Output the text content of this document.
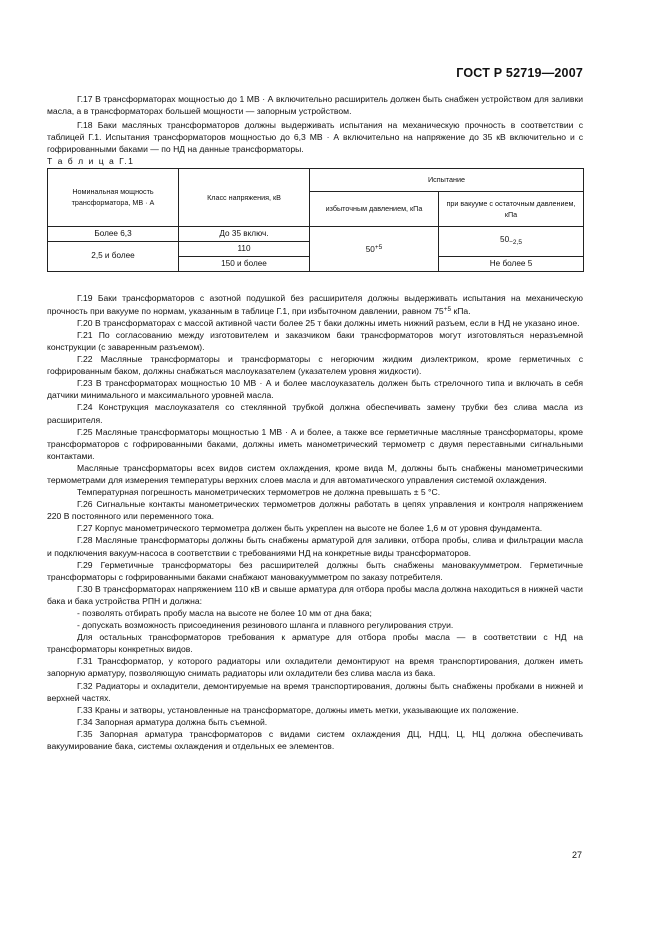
ГОСТ Р 52719—2007

Г.17 В трансформаторах мощностью до 1 МВ · А включительно расширитель должен быть снабжен устройством для заливки масла, а в трансформаторах большей мощности — запорным устройством.

Г.18 Баки масляных трансформаторов должны выдерживать испытания на механическую прочность в соответствии с таблицей Г.1. Испытания трансформаторов мощностью до 6,3 МВ · А включительно на напряжение до 35 кВ включительно и с гофрированными баками — по НД на данные трансформаторы.

Т а б л и ц а Г.1

Номинальная мощность трансформатора, МВ · А	Класс напряжения, кВ	Испытание	
		избыточным давлением, кПа	при вакууме с остаточным давлением, кПа
Более 6,3	До 35 включ.	$50^{+5}$	$50_{-2,5}$
2,5 и более	110		
	150 и более		Не более 5

Г.19 Баки трансформаторов с азотной подушкой без расширителя должны выдерживать испытания на механическую прочность при вакууме по нормам, указанным в таблице Г.1, при избыточном давлении, равном $75^{+5}$ кПа.

Г.20 В трансформаторах с массой активной части более 25 т баки должны иметь нижний разъем, если в НД не указано иное.

Г.21 По согласованию между изготовителем и заказчиком баки трансформаторов могут изготовляться неразъемной конструкции (с заваренным разъемом).

Г.22 Масляные трансформаторы и трансформаторы с негорючим жидким диэлектриком, кроме герметичных с гофрированным баком, должны снабжаться маслоуказателем (указателем уровня жидкости).

Г.23 В трансформаторах мощностью 10 МВ · А и более маслоуказатель должен быть стрелочного типа и включать в себя датчики минимального и максимального уровней масла.

Г.24 Конструкция маслоуказателя со стеклянной трубкой должна обеспечивать замену трубки без слива масла из расширителя.

Г.25 Масляные трансформаторы мощностью 1 МВ · А и более, а также все герметичные масляные трансформаторы, кроме трансформаторов с гофрированными баками, должны иметь манометрический термометр с двумя переставными сигнальными контактами.

Масляные трансформаторы всех видов систем охлаждения, кроме вида М, должны быть снабжены манометрическими термометрами для измерения температуры верхних слоев масла и для автоматического управления системой охлаждения.

Температурная погрешность манометрических термометров не должна превышать ± 5 °С.

Г.26 Сигнальные контакты манометрических термометров должны работать в цепях управления и контроля напряжением 220 В постоянного или переменного тока.

Г.27 Корпус манометрического термометра должен быть укреплен на высоте не более 1,6 м от уровня фундамента.

Г.28 Масляные трансформаторы должны быть снабжены арматурой для заливки, отбора пробы, слива и фильтрации масла и подключения вакуум-насоса в соответствии с требованиями НД на конкретные виды трансформаторов.

Г.29 Герметичные трансформаторы без расширителей должны быть снабжены мановакуумметром. Герметичные трансформаторы с гофрированными баками снабжают мановакуумметром по заказу потребителя.

Г.30 В трансформаторах напряжением 110 кВ и свыше арматура для отбора пробы масла должна находиться в нижней части бака и бака устройства РПН и должна:

- позволять отбирать пробу масла на высоте не более 10 мм от дна бака;

- допускать возможность присоединения резинового шланга и плавного регулирования струи.

Для остальных трансформаторов требования к арматуре для отбора пробы масла — в соответствии с НД на трансформаторы конкретных видов.

Г.31 Трансформатор, у которого радиаторы или охладители демонтируют на время транспортирования, должен иметь запорную арматуру, позволяющую снимать радиаторы или охладители без слива масла из бака.

Г.32 Радиаторы и охладители, демонтируемые на время транспортирования, должны быть снабжены пробками в нижней и верхней частях.

Г.33 Краны и затворы, установленные на трансформаторе, должны иметь метки, указывающие их положение.

Г.34 Запорная арматура должна быть съемной.

Г.35 Запорная арматура трансформаторов с видами систем охлаждения ДЦ, НДЦ, Ц, НЦ должна обеспечивать вакуумирование бака, системы охлаждения и отдельных ее элементов.

27
